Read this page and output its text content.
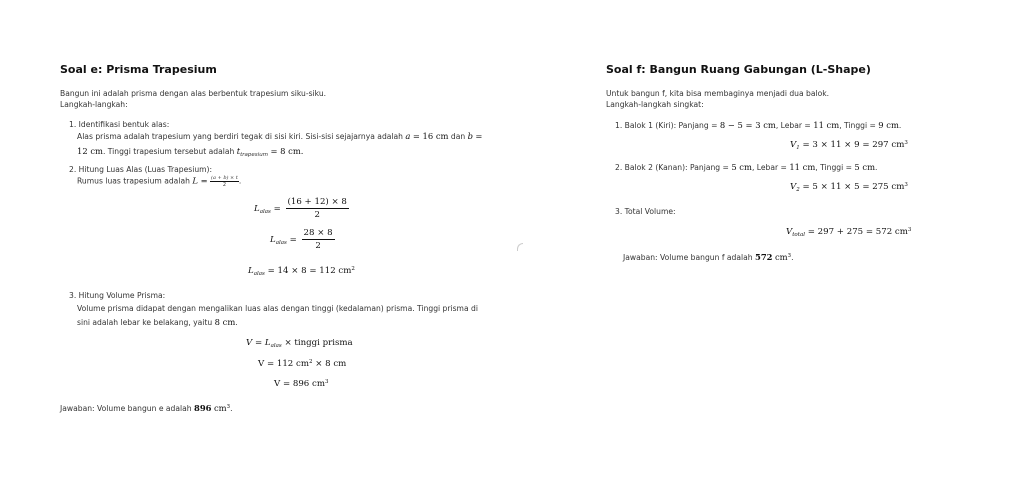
Soal e: Prisma Trapesium

Bangun ini adalah prisma dengan alas berbentuk trapesium siku-siku.

Langkah-langkah:

1. Identifikasi bentuk alas:

Alas prisma adalah trapesium yang berdiri tegak di sisi kiri. Sisi-sisi sejajarnya adalah a = 16 cm dan b =

12 cm. Tinggi trapesium tersebut adalah $t_{trapesium} = 8$ cm.

2. Hitung Luas Alas (Luas Trapesium):

Rumus luas trapesium adalah $L = \frac{(a + b) \times t}{2}$.

$L_{alas} = \frac{(16 + 12) \times 8}{2}$
$L_{alas} = \frac{28 \times 8}{2}$
$L_{alas} = 14 \times 8 = 112$ $cm^2$

3. Hitung Volume Prisma:

Volume prisma didapat dengan mengalikan luas alas dengan tinggi (kedalaman) prisma. Tinggi prisma di

sini adalah lebar ke belakang, yaitu 8 cm.

$V = L_{alas}$ × tinggi prisma
V = 112 $cm^2 \times 8$ cm
V = 896 $cm^3$

Jawaban: Volume bangun e adalah 896 $cm^3$.

Soal f: Bangun Ruang Gabungan (L-Shape)

Untuk bangun f, kita bisa membaginya menjadi dua balok.

Langkah-langkah singkat:

1. Balok 1 (Kiri): Panjang = 8 − 5 = 3 cm, Lebar = 11 cm, Tinggi = 9 cm.

$V_1 = 3 \times 11 \times 9 = 297$ $cm^3$

2. Balok 2 (Kanan): Panjang = 5 cm, Lebar = 11 cm, Tinggi = 5 cm.

$V_2 = 5 \times 11 \times 5 = 275$ $cm^3$

3. Total Volume:

$V_{total} = 297 + 275 = 572$ $cm^3$

Jawaban: Volume bangun f adalah 572 $cm^3$.
